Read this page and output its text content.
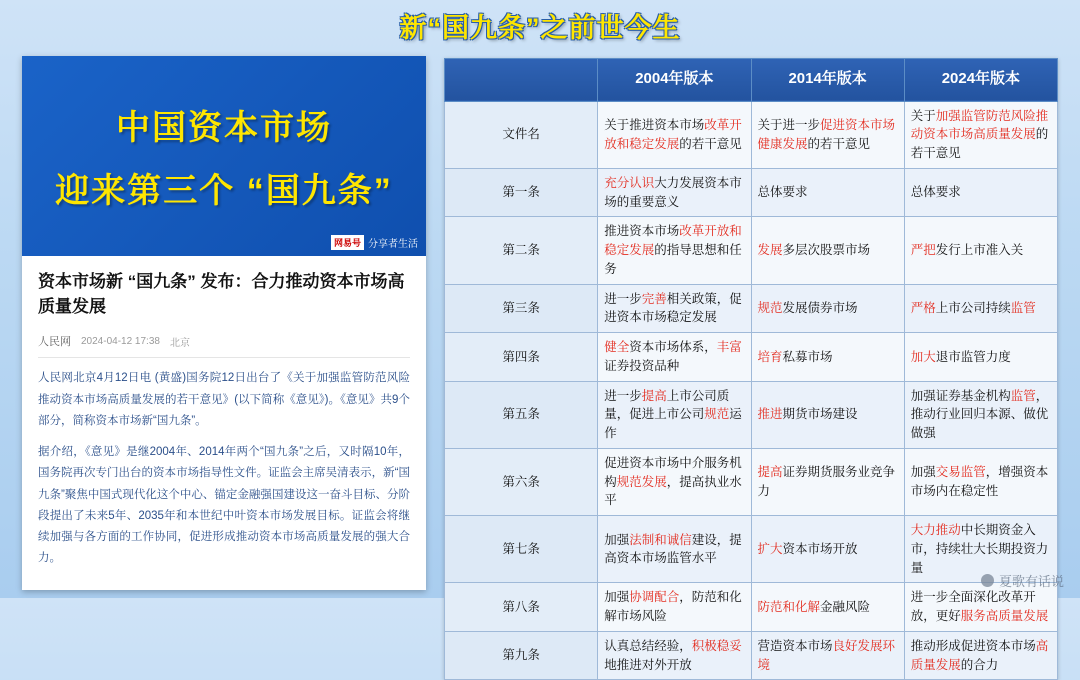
新“国九条”之前世今生
中国资本市场
迎来第三个 “国九条”
网易号 分享者生活
资本市场新 “国九条” 发布：合力推动资本市场高质量发展
人民网 2024-04-12 17:38 北京
人民网北京4月12日电 (黄盛)国务院12日出台了《关于加强监管防范风险推动资本市场高质量发展的若干意见》(以下简称《意见》)。《意见》共9个部分，简称资本市场新“国九条”。
据介绍，《意见》是继2004年、2014年两个“国九条”之后，又时隔10年，国务院再次专门出台的资本市场指导性文件。证监会主席吴清表示，新“国九条”聚焦中国式现代化这个中心、锚定金融强国建设这一奋斗目标、分阶段提出了未来5年、2035年和本世纪中叶资本市场发展目标。证监会将继续加强与各方面的工作协同，促进形成推动资本市场高质量发展的强大合力。
	2004年版本	2014年版本	2024年版本
文件名	关于推进资本市场改革开放和稳定发展的若干意见	关于进一步促进资本市场健康发展的若干意见	关于加强监管防范风险推动资本市场高质量发展的若干意见
第一条	充分认识大力发展资本市场的重要意义	总体要求	总体要求
第二条	推进资本市场改革开放和稳定发展的指导思想和任务	发展多层次股票市场	严把发行上市准入关
第三条	进一步完善相关政策，促进资本市场稳定发展	规范发展债券市场	严格上市公司持续监管
第四条	健全资本市场体系，丰富证券投资品种	培育私募市场	加大退市监管力度
第五条	进一步提高上市公司质量，促进上市公司规范运作	推进期货市场建设	加强证券基金机构监管，推动行业回归本源、做优做强
第六条	促进资本市场中介服务机构规范发展，提高执业水平	提高证券期货服务业竞争力	加强交易监管，增强资本市场内在稳定性
第七条	加强法制和诚信建设，提高资本市场监管水平	扩大资本市场开放	大力推动中长期资金入市，持续壮大长期投资力量
第八条	加强协调配合，防范和化解市场风险	防范和化解金融风险	进一步全面深化改革开放，更好服务高质量发展
第九条	认真总结经验，积极稳妥地推进对外开放	营造资本市场良好发展环境	推动形成促进资本市场高质量发展的合力
夏歌有话说
